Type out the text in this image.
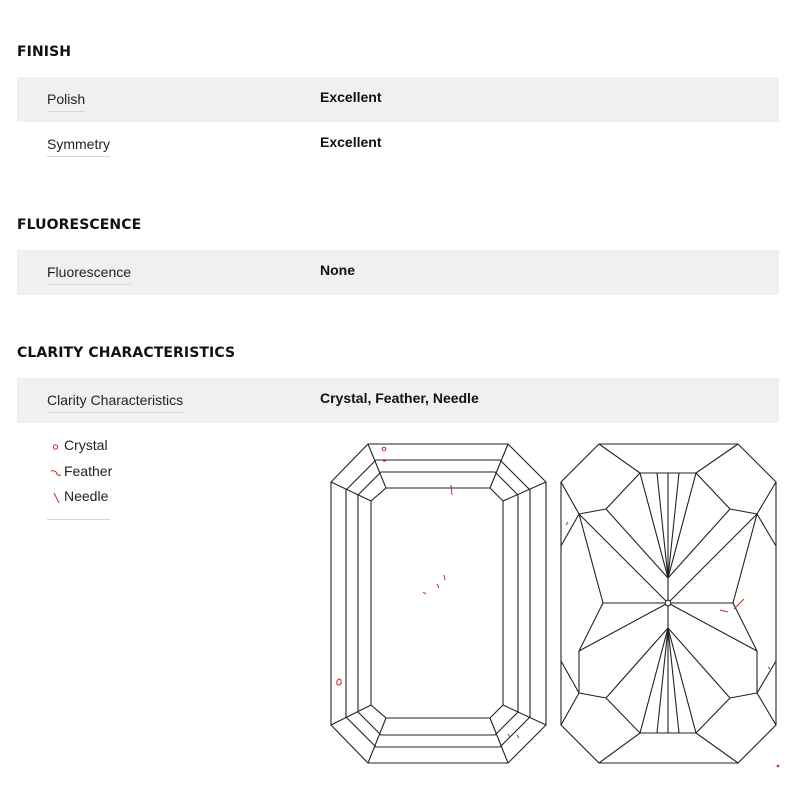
FINISH
Polish	Excellent
Symmetry	Excellent
FLUORESCENCE
Fluorescence	None
CLARITY CHARACTERISTICS
Clarity Characteristics	Crystal, Feather, Needle
Crystal
Feather
Needle
